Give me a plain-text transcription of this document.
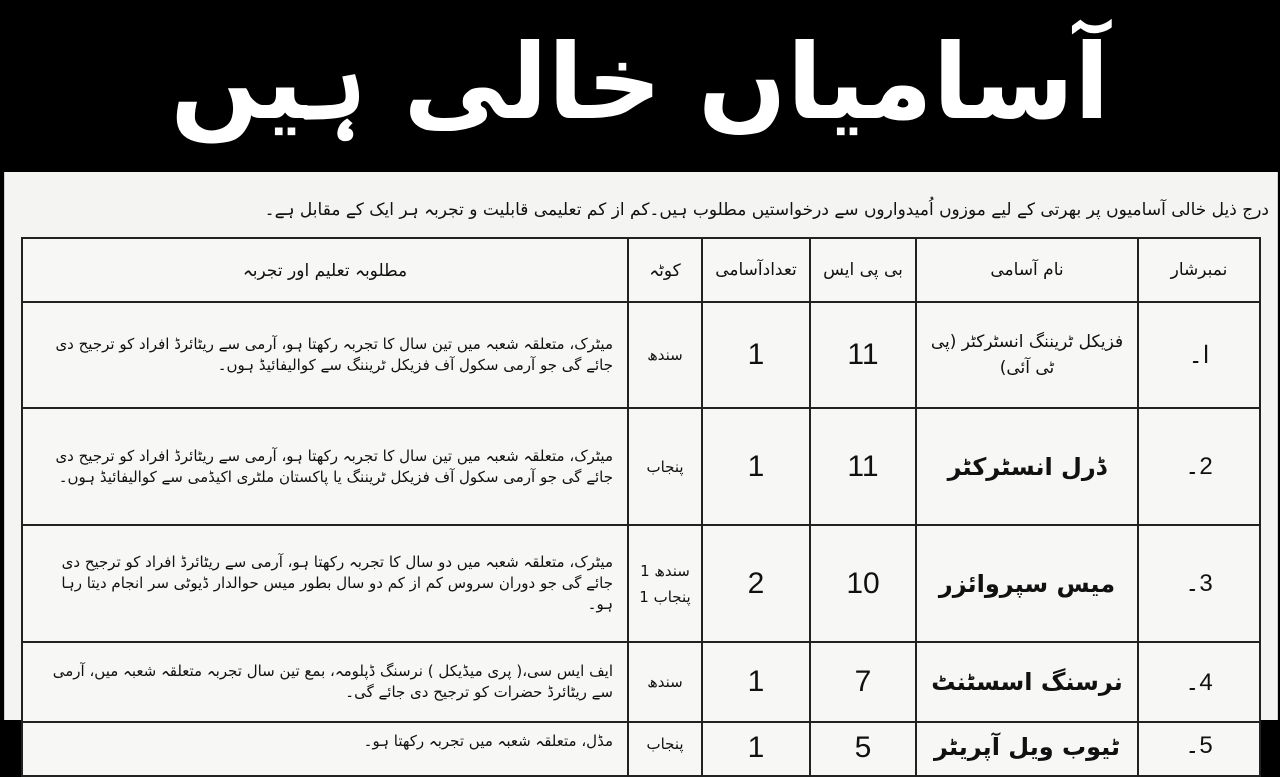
آسامیاں خالی ہیں
درج ذیل خالی آسامیوں پر بھرتی کے لیے موزوں اُمیدواروں سے درخواستیں مطلوب ہیں۔کم از کم تعلیمی قابلیت و تجربہ ہر ایک کے مقابل ہے۔
نمبرشار	نام آسامی	بی پی ایس	تعدادآسامی	کوٹہ	مطلوبہ تعلیم اور تجربہ
ا۔	فزیکل ٹریننگ انسٹرکٹر (پی ٹی آئی)	11	1	سندھ	میٹرک، متعلقہ شعبہ میں تین سال کا تجربہ رکھتا ہو، آرمی سے ریٹائرڈ افراد کو ترجیح دی جائے گی جو آرمی سکول آف فزیکل ٹریننگ سے کوالیفائیڈ ہوں۔
2۔	ڈرل انسٹرکٹر	11	1	پنجاب	میٹرک، متعلقہ شعبہ میں تین سال کا تجربہ رکھتا ہو، آرمی سے ریٹائرڈ افراد کو ترجیح دی جائے گی جو آرمی سکول آف فزیکل ٹریننگ یا پاکستان ملٹری اکیڈمی سے کوالیفائیڈ ہوں۔
3۔	میس سپروائزر	10	2	سندھ 1
پنجاب 1	میٹرک، متعلقہ شعبہ میں دو سال کا تجربہ رکھتا ہو، آرمی سے ریٹائرڈ افراد کو ترجیح دی جائے گی جو دوران سروس کم از کم دو سال بطور میس حوالدار ڈیوٹی سر انجام دیتا رہا ہو۔
4۔	نرسنگ اسسٹنٹ	7	1	سندھ	ایف ایس سی،( پری میڈیکل ) نرسنگ ڈپلومہ، بمع تین سال تجربہ متعلقہ شعبہ میں، آرمی سے ریٹائرڈ حضرات کو ترجیح دی جائے گی۔
5۔	ٹیوب ویل آپریٹر	5	1	پنجاب	مڈل، متعلقہ شعبہ میں تجربہ رکھتا ہو۔
